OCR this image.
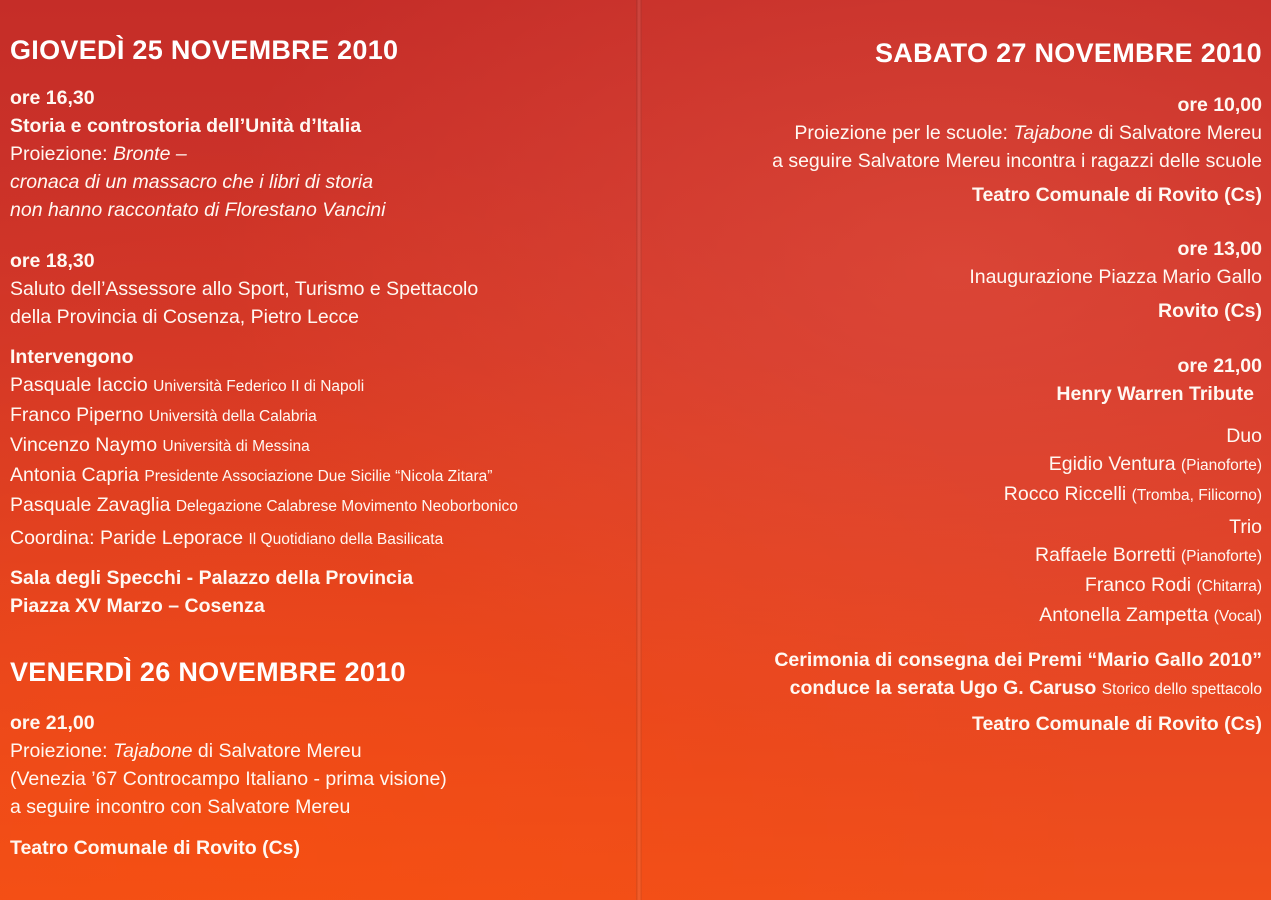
GIOVEDÌ 25 NOVEMBRE 2010
ore 16,30
Storia e controstoria dell’Unità d’Italia
Proiezione: Bronte –
cronaca di un massacro che i libri di storia
non hanno raccontato di Florestano Vancini
ore 18,30
Saluto dell’Assessore allo Sport, Turismo e Spettacolo
della Provincia di Cosenza, Pietro Lecce
Intervengono
Pasquale Iaccio Università Federico II di Napoli
Franco Piperno Università della Calabria
Vincenzo Naymo Università di Messina
Antonia Capria Presidente Associazione Due Sicilie “Nicola Zitara”
Pasquale Zavaglia Delegazione Calabrese Movimento Neoborbonico
Coordina: Paride Leporace Il Quotidiano della Basilicata
Sala degli Specchi - Palazzo della Provincia
Piazza XV Marzo – Cosenza
VENERDÌ 26 NOVEMBRE 2010
ore 21,00
Proiezione: Tajabone di Salvatore Mereu
(Venezia ’67 Controcampo Italiano - prima visione)
a seguire incontro con Salvatore Mereu
Teatro Comunale di Rovito (Cs)
SABATO 27 NOVEMBRE 2010
ore 10,00
Proiezione per le scuole: Tajabone di Salvatore Mereu
a seguire Salvatore Mereu incontra i ragazzi delle scuole
Teatro Comunale di Rovito (Cs)
ore 13,00
Inaugurazione Piazza Mario Gallo
Rovito (Cs)
ore 21,00
Henry Warren Tribute
Duo
Egidio Ventura (Pianoforte)
Rocco Riccelli (Tromba, Filicorno)
Trio
Raffaele Borretti (Pianoforte)
Franco Rodi (Chitarra)
Antonella Zampetta (Vocal)
Cerimonia di consegna dei Premi “Mario Gallo 2010”
conduce la serata Ugo G. Caruso Storico dello spettacolo
Teatro Comunale di Rovito (Cs)
